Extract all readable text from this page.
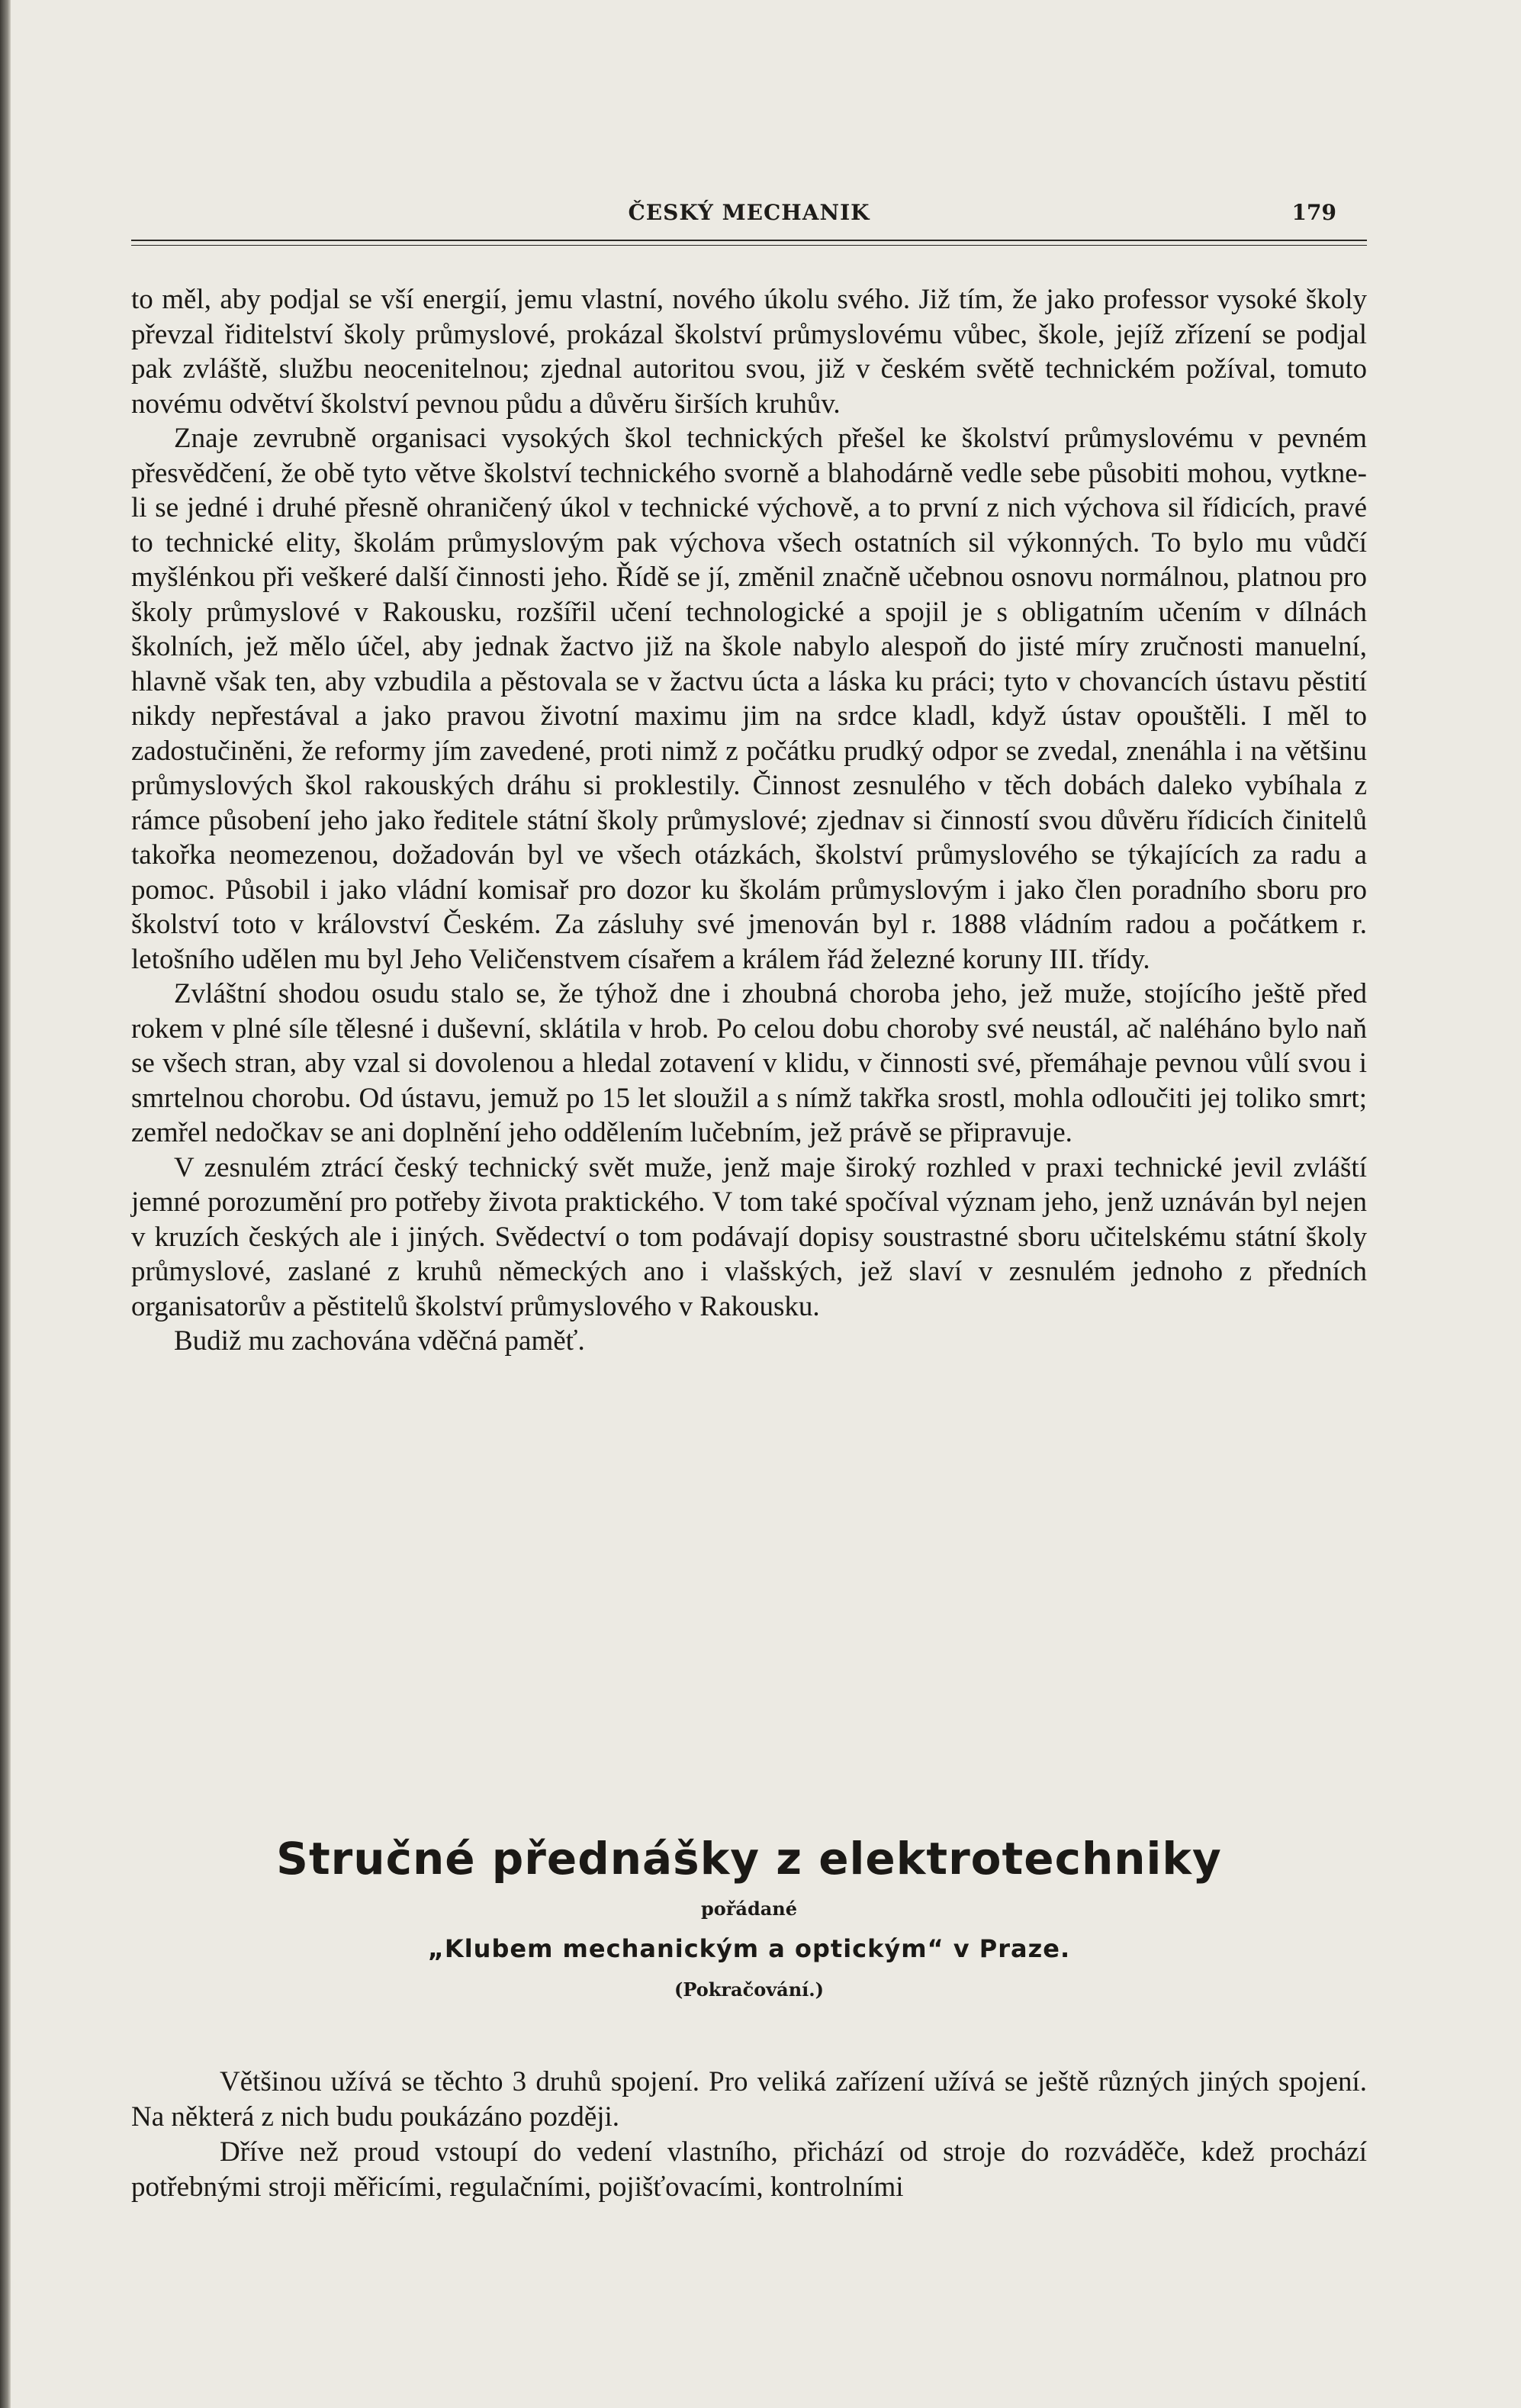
ČESKÝ MECHANIK	179

to měl, aby podjal se vší energií, jemu vlastní, nového úkolu svého. Již tím, že jako professor vysoké školy převzal řiditelství školy průmyslové, prokázal školství průmyslovému vůbec, škole, jejíž zřízení se podjal pak zvláště, službu neocenitelnou; zjednal autoritou svou, již v českém světě technickém požíval, tomuto novému odvětví školství pevnou půdu a důvěru širších kruhův.

Znaje zevrubně organisaci vysokých škol technických přešel ke školství průmyslovému v pevném přesvědčení, že obě tyto větve školství technického svorně a blahodárně vedle sebe působiti mohou, vytkne-li se jedné i druhé přesně ohraničený úkol v technické výchově, a to první z nich výchova sil řídicích, pravé to technické elity, školám průmyslovým pak výchova všech ostatních sil výkonných. To bylo mu vůdčí myšlénkou při veškeré další činnosti jeho. Řídě se jí, změnil značně učebnou osnovu normálnou, platnou pro školy průmyslové v Rakousku, rozšířil učení technologické a spojil je s obligatním učením v dílnách školních, jež mělo účel, aby jednak žactvo již na škole nabylo alespoň do jisté míry zručnosti manuelní, hlavně však ten, aby vzbudila a pěstovala se v žactvu úcta a láska ku práci; tyto v chovancích ústavu pěstití nikdy nepřestával a jako pravou životní maximu jim na srdce kladl, když ústav opouštěli. I měl to zadostučiněni, že reformy jím zavedené, proti nimž z počátku prudký odpor se zvedal, znenáhla i na většinu průmyslových škol rakouských dráhu si proklestily. Činnost zesnulého v těch dobách daleko vybíhala z rámce působení jeho jako ředitele státní školy průmyslové; zjednav si činností svou důvěru řídicích činitelů takořka neomezenou, dožadován byl ve všech otázkách, školství průmyslového se týkajících za radu a pomoc. Působil i jako vládní komisař pro dozor ku školám průmyslovým i jako člen poradního sboru pro školství toto v království Českém. Za zásluhy své jmenován byl r. 1888 vládním radou a počátkem r. letošního udělen mu byl Jeho Veličenstvem císařem a králem řád železné koruny III. třídy.

Zvláštní shodou osudu stalo se, že týhož dne i zhoubná choroba jeho, jež muže, stojícího ještě před rokem v plné síle tělesné i duševní, sklátila v hrob. Po celou dobu choroby své neustál, ač naléháno bylo naň se všech stran, aby vzal si dovolenou a hledal zotavení v klidu, v činnosti své, přemáhaje pevnou vůlí svou i smrtelnou chorobu. Od ústavu, jemuž po 15 let sloužil a s nímž takřka srostl, mohla odloučiti jej toliko smrt; zemřel nedočkav se ani doplnění jeho oddělením lučebním, jež právě se připravuje.

V zesnulém ztrácí český technický svět muže, jenž maje široký rozhled v praxi technické jevil zvláští jemné porozumění pro potřeby života praktického. V tom také spočíval význam jeho, jenž uznáván byl nejen v kruzích českých ale i jiných. Svědectví o tom podávají dopisy soustrastné sboru učitelskému státní školy průmyslové, zaslané z kruhů německých ano i vlašských, jež slaví v zesnulém jednoho z předních organisatorův a pěstitelů školství průmyslového v Rakousku.

Budiž mu zachována vděčná paměť.

Stručné přednášky z elektrotechniky
pořádané
„Klubem mechanickým a optickým“ v Praze.
(Pokračování.)

Většinou užívá se těchto 3 druhů spojení. Pro veliká zařízení užívá se ještě různých jiných spojení. Na některá z nich budu poukázáno později.

Dříve než proud vstoupí do vedení vlastního, přichází od stroje do rozváděče, kdež prochází potřebnými stroji měřicími, regulačními, pojišťovacími, kontrolními
